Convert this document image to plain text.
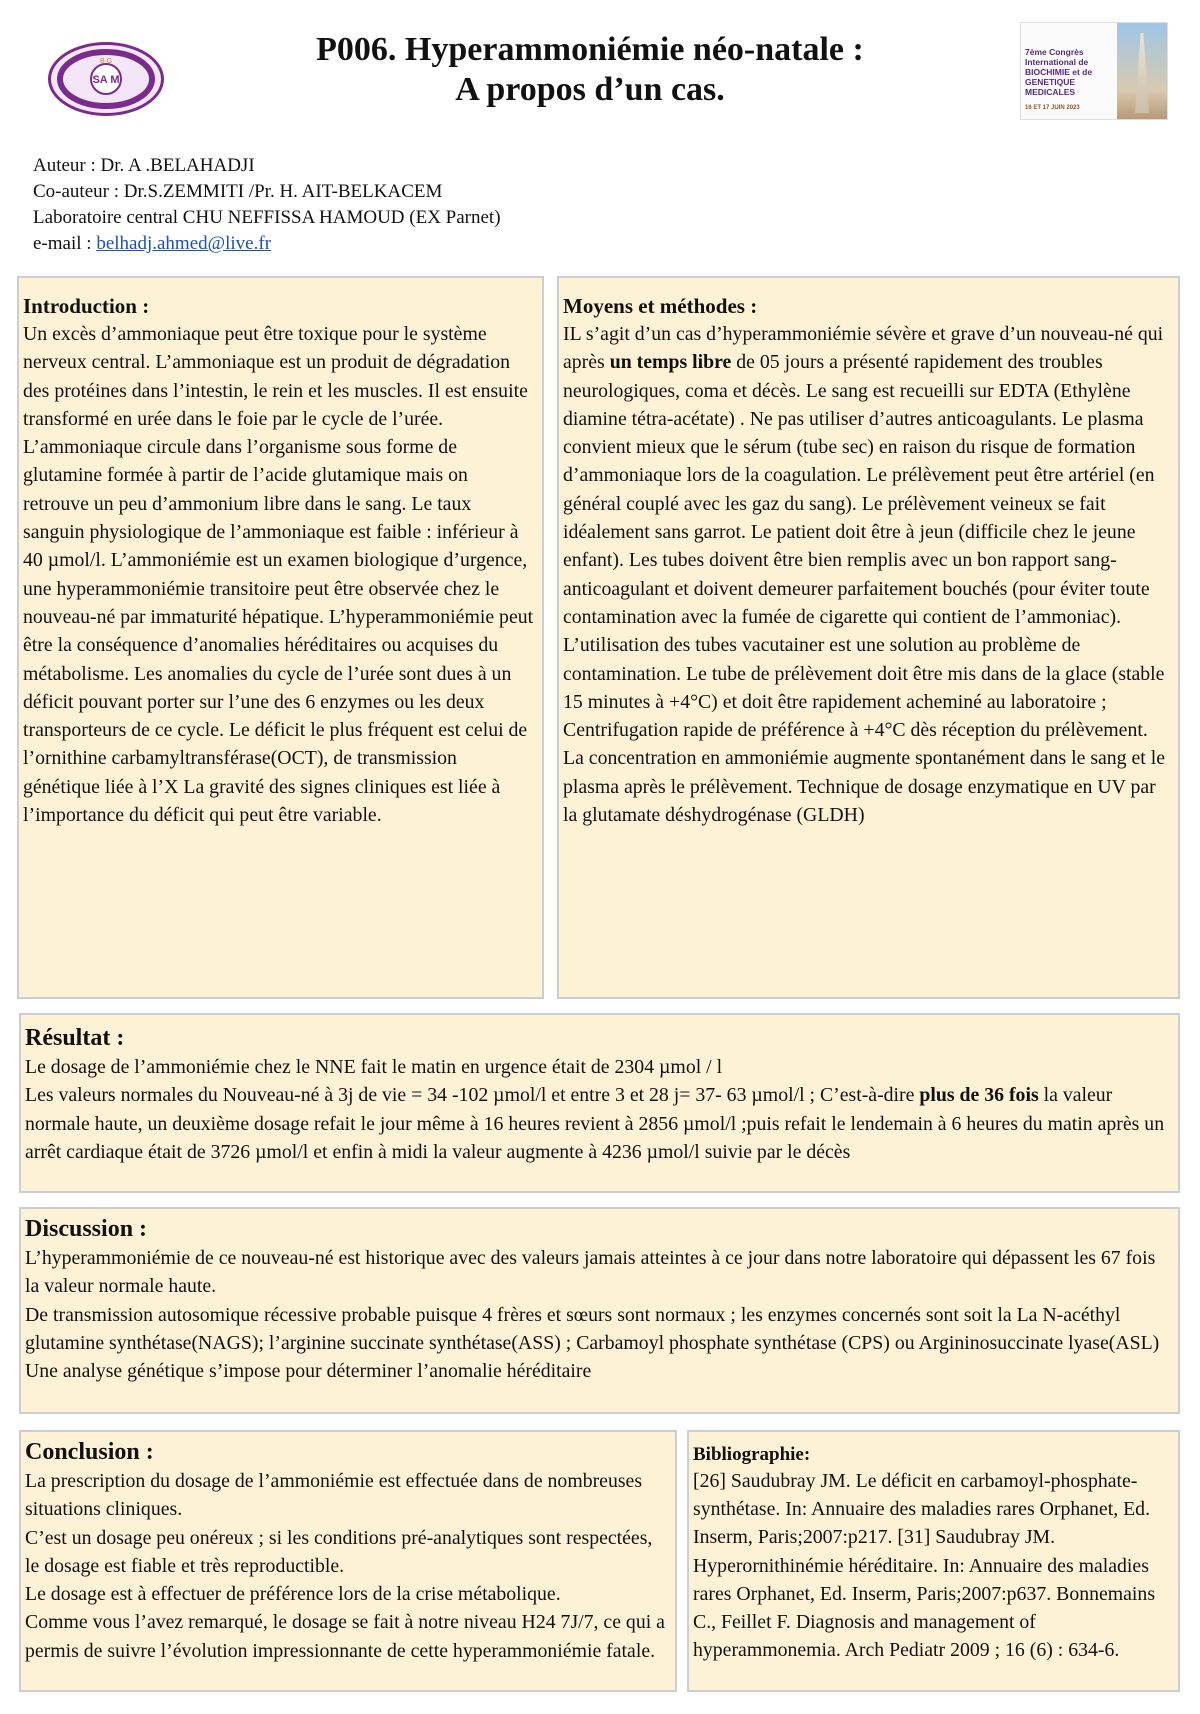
SA M
B G	P006. Hyperammoniémie néo-natale :
A propos d’un cas.
7ème Congrès
International de
BIOCHIMIE et de
GENETIQUE
MEDICALES
16 ET 17 JUIN 2023
Auteur : Dr. A .BELAHADJI
Co-auteur : Dr.S.ZEMMITI /Pr. H. AIT-BELKACEM
Laboratoire central CHU NEFFISSA HAMOUD (EX Parnet)
e-mail : belhadj.ahmed@live.fr
Introduction :

Un excès d’ammoniaque peut être toxique pour le système nerveux central. L’ammoniaque est un produit de dégradation des protéines dans l’intestin, le rein et les muscles. Il est ensuite transformé en urée dans le foie par le cycle de l’urée. L’ammoniaque circule dans l’organisme sous forme de glutamine formée à partir de l’acide glutamique mais on retrouve un peu d’ammonium libre dans le sang. Le taux sanguin physiologique de l’ammoniaque est faible : inférieur à 40 µmol/l. L’ammoniémie est un examen biologique d’urgence, une hyperammoniémie transitoire peut être observée chez le nouveau-né par immaturité hépatique. L’hyperammoniémie peut être la conséquence d’anomalies héréditaires ou acquises du métabolisme. Les anomalies du cycle de l’urée sont dues à un déficit pouvant porter sur l’une des 6 enzymes ou les deux transporteurs de ce cycle. Le déficit le plus fréquent est celui de l’ornithine carbamyltransférase(OCT), de transmission génétique liée à l’X La gravité des signes cliniques est liée à l’importance du déficit qui peut être variable.

Moyens et méthodes :

IL s’agit d’un cas d’hyperammoniémie sévère et grave d’un nouveau-né qui après un temps libre de 05 jours a présenté rapidement des troubles neurologiques, coma et décès. Le sang est recueilli sur EDTA (Ethylène diamine tétra-acétate) . Ne pas utiliser d’autres anticoagulants. Le plasma convient mieux que le sérum (tube sec) en raison du risque de formation d’ammoniaque lors de la coagulation. Le prélèvement peut être artériel (en général couplé avec les gaz du sang). Le prélèvement veineux se fait idéalement sans garrot. Le patient doit être à jeun (difficile chez le jeune enfant). Les tubes doivent être bien remplis avec un bon rapport sang-anticoagulant et doivent demeurer parfaitement bouchés (pour éviter toute contamination avec la fumée de cigarette qui contient de l’ammoniac). L’utilisation des tubes vacutainer est une solution au problème de contamination. Le tube de prélèvement doit être mis dans de la glace (stable 15 minutes à +4°C) et doit être rapidement acheminé au laboratoire ; Centrifugation rapide de préférence à +4°C dès réception du prélèvement. La concentration en ammoniémie augmente spontanément dans le sang et le plasma après le prélèvement. Technique de dosage enzymatique en UV par la glutamate déshydrogénase (GLDH)

Résultat :

Le dosage de l’ammoniémie chez le NNE fait le matin en urgence était de 2304 µmol / l

Les valeurs normales du Nouveau-né à 3j de vie = 34 -102 µmol/l et entre 3 et 28 j= 37- 63 µmol/l ; C’est-à-dire plus de 36 fois la valeur normale haute, un deuxième dosage refait le jour même à 16 heures revient à 2856 µmol/l ;puis refait le lendemain à 6 heures du matin après un arrêt cardiaque était de 3726 µmol/l et enfin à midi la valeur augmente à 4236 µmol/l suivie par le décès

Discussion :

L’hyperammoniémie de ce nouveau-né est historique avec des valeurs jamais atteintes à ce jour dans notre laboratoire qui dépassent les 67 fois la valeur normale haute.

De transmission autosomique récessive probable puisque 4 frères et sœurs sont normaux ; les enzymes concernés sont soit la La N-acéthyl glutamine synthétase(NAGS); l’arginine succinate synthétase(ASS) ; Carbamoyl phosphate synthétase (CPS) ou Argininosuccinate lyase(ASL)

Une analyse génétique s’impose pour déterminer l’anomalie héréditaire

Conclusion :

La prescription du dosage de l’ammoniémie est effectuée dans de nombreuses situations cliniques.

C’est un dosage peu onéreux ; si les conditions pré-analytiques sont respectées, le dosage est fiable et très reproductible.

Le dosage est à effectuer de préférence lors de la crise métabolique.

Comme vous l’avez remarqué, le dosage se fait à notre niveau H24 7J/7, ce qui a permis de suivre l’évolution impressionnante de cette hyperammoniémie fatale.

Bibliographie:

[26] Saudubray JM. Le déficit en carbamoyl-phosphate-synthétase. In: Annuaire des maladies rares Orphanet, Ed. Inserm, Paris;2007:p217. [31] Saudubray JM. Hyperornithinémie héréditaire. In: Annuaire des maladies rares Orphanet, Ed. Inserm, Paris;2007:p637. Bonnemains C., Feillet F. Diagnosis and management of hyperammonemia. Arch Pediatr 2009 ; 16 (6) : 634-6.
